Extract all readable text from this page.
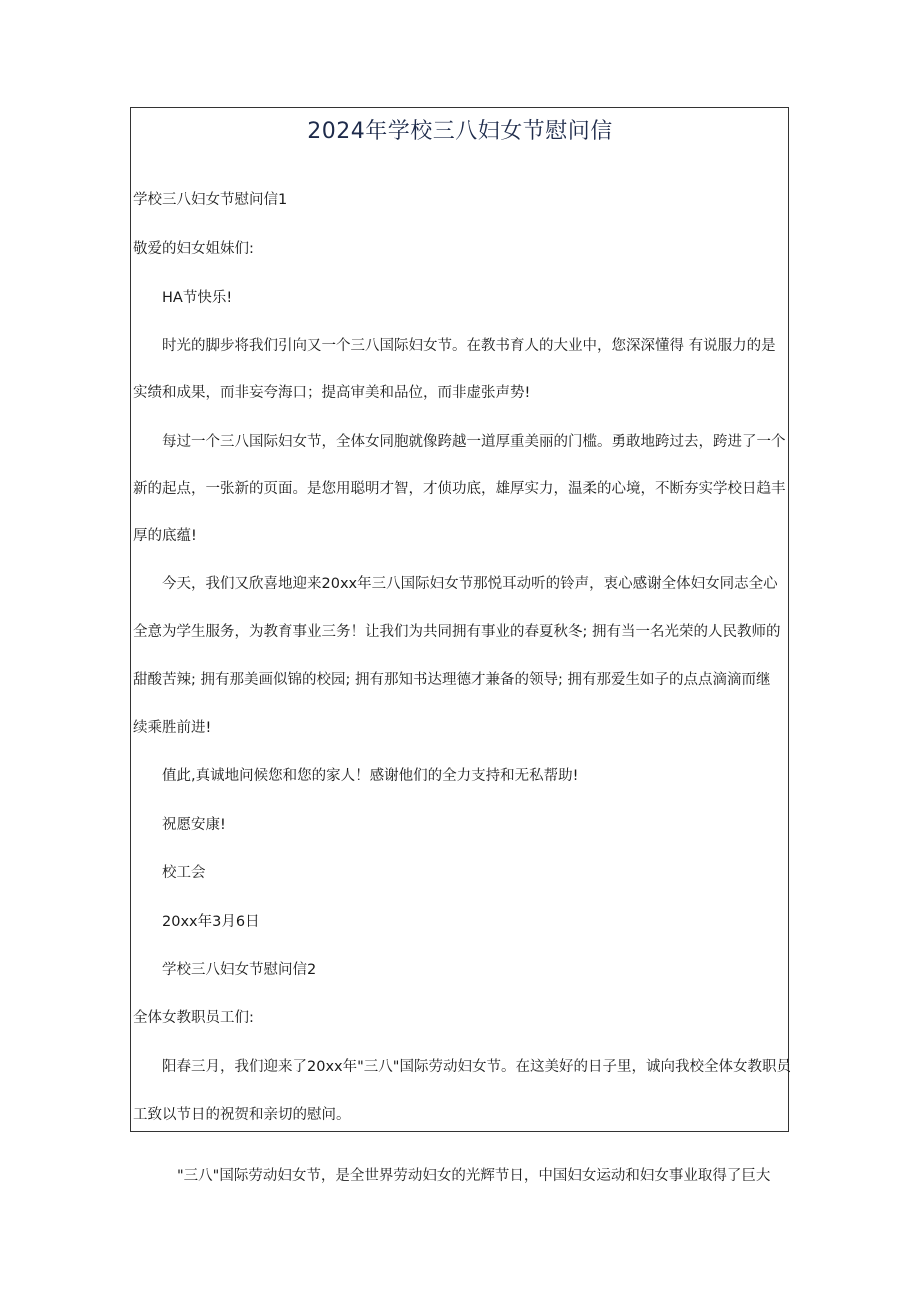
2024年学校三八妇女节慰问信

学校三八妇女节慰问信1

敬爱的妇女姐妹们:

HA节快乐!

时光的脚步将我们引向又一个三八国际妇女节。在教书育人的大业中，您深深懂得 有说服力的是

实绩和成果，而非妄夸海口；提高审美和品位，而非虚张声势!

每过一个三八国际妇女节，全体女同胞就像跨越一道厚重美丽的门槛。勇敢地跨过去，跨进了一个

新的起点，一张新的页面。是您用聪明才智，才侦功底，雄厚实力，温柔的心境，不断夯实学校日趋丰

厚的底蕴!

今天，我们又欣喜地迎来20xx年三八国际妇女节那悦耳动听的铃声，衷心感谢全体妇女同志全心

全意为学生服务，为教育事业三务！让我们为共同拥有事业的春夏秋冬; 拥有当一名光荣的人民教师的

甜酸苦辣; 拥有那美画似锦的校园; 拥有那知书达理德才兼备的领导; 拥有那爱生如子的点点滴滴而继

续乘胜前进!

值此,真诚地问候您和您的家人！感谢他们的全力支持和无私帮助!

祝愿安康!

校工会

20xx年3月6日

学校三八妇女节慰问信2

全体女教职员工们:

阳春三月，我们迎来了20xx年"三八"国际劳动妇女节。在这美好的日子里，诚向我校全体女教职员

工致以节日的祝贺和亲切的慰问。

"三八"国际劳动妇女节，是全世界劳动妇女的光辉节日，中国妇女运动和妇女事业取得了巨大
